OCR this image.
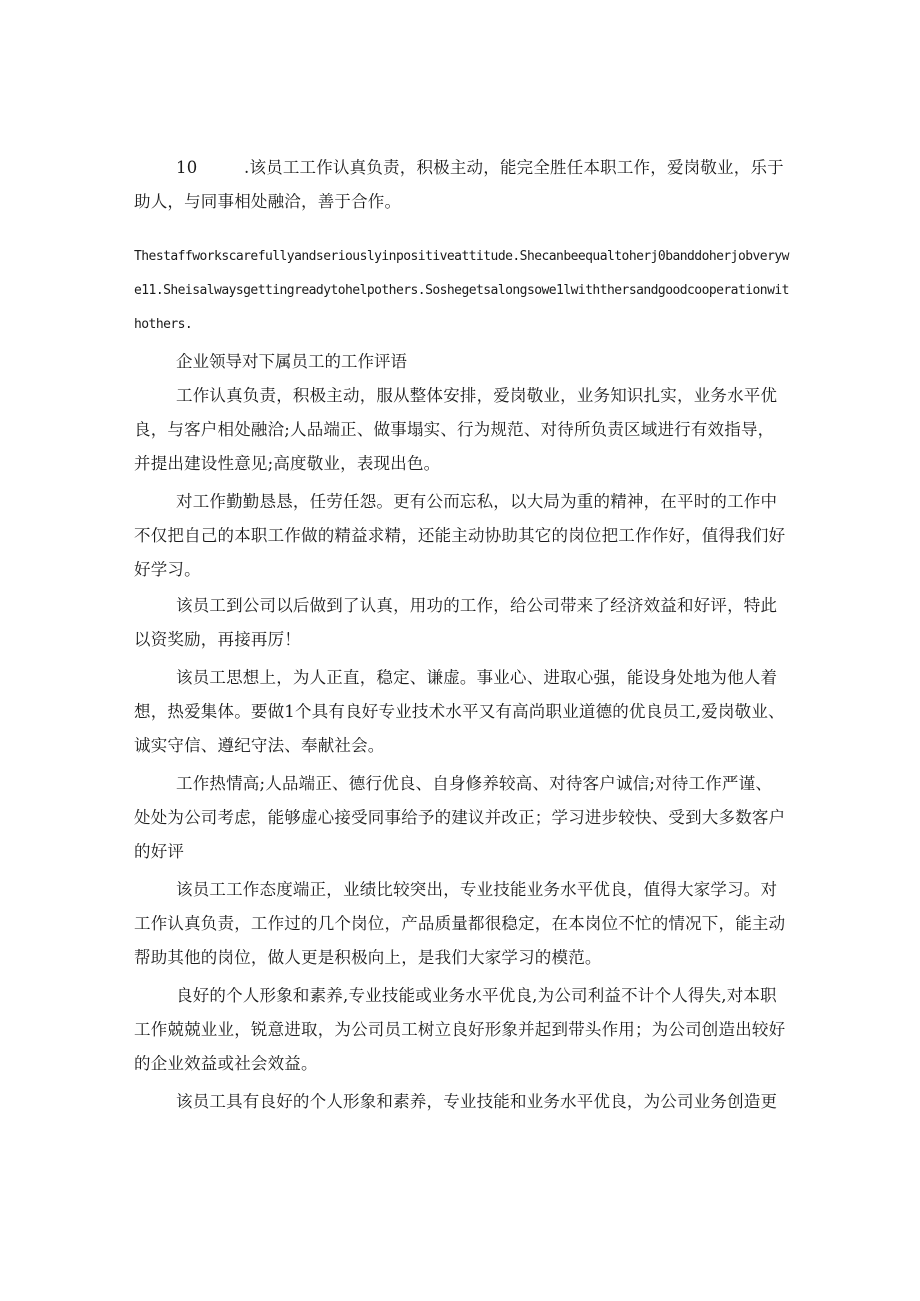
10	.该员工工作认真负责，积极主动，能完全胜任本职工作，爱岗敬业，乐于助人，与同事相处融洽，善于合作。

Thestaffworkscarefullyandseriouslyinpositiveattitude.Shecanbeequaltoherj0banddoherjobverywe11.Sheisalwaysgettingreadytohelpothers.Soshegetsalongsowe1lwiththersandgoodcooperationwithothers.

企业领导对下属员工的工作评语

工作认真负责，积极主动，服从整体安排，爱岗敬业，业务知识扎实，业务水平优良，与客户相处融洽;人品端正、做事塌实、行为规范、对待所负责区域进行有效指导，并提出建设性意见;高度敬业，表现出色。

对工作勤勤恳恳，任劳任怨。更有公而忘私，以大局为重的精神，在平时的工作中不仅把自己的本职工作做的精益求精，还能主动协助其它的岗位把工作作好，值得我们好好学习。

该员工到公司以后做到了认真，用功的工作，给公司带来了经济效益和好评，特此以资奖励，再接再厉！

该员工思想上，为人正直，稳定、谦虚。事业心、进取心强，能设身处地为他人着想，热爱集体。要做1个具有良好专业技术水平又有高尚职业道德的优良员工,爱岗敬业、诚实守信、遵纪守法、奉献社会。

工作热情高;人品端正、德行优良、自身修养较高、对待客户诚信;对待工作严谨、处处为公司考虑，能够虚心接受同事给予的建议并改正；学习进步较快、受到大多数客户的好评

该员工工作态度端正，业绩比较突出，专业技能业务水平优良，值得大家学习。对工作认真负责，工作过的几个岗位，产品质量都很稳定，在本岗位不忙的情况下，能主动帮助其他的岗位，做人更是积极向上，是我们大家学习的模范。

良好的个人形象和素养,专业技能或业务水平优良,为公司利益不计个人得失,对本职工作兢兢业业，锐意进取，为公司员工树立良好形象并起到带头作用；为公司创造出较好的企业效益或社会效益。

该员工具有良好的个人形象和素养，专业技能和业务水平优良，为公司业务创造更
